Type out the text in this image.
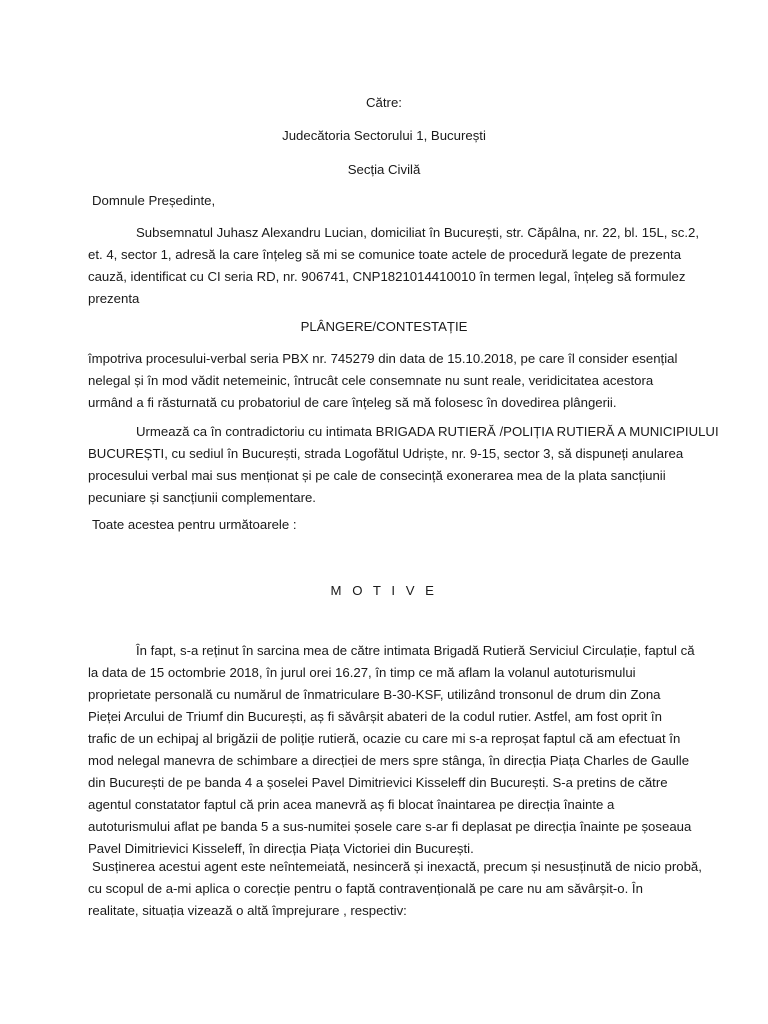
Către:
Judecătoria Sectorului 1, București
Secția Civilă
Domnule Președinte,
Subsemnatul Juhasz Alexandru Lucian, domiciliat în București, str. Căpâlna, nr. 22, bl. 15L, sc.2,
et. 4, sector 1, adresă la care înțeleg să mi se comunice toate actele de procedură legate de prezenta
cauză, identificat cu CI seria RD, nr. 906741, CNP1821014410010 în termen legal, înțeleg să formulez
prezenta
PLÂNGERE/CONTESTAȚIE
împotriva procesului-verbal seria PBX nr. 745279 din data de 15.10.2018, pe care îl consider esențial
nelegal și în mod vădit netemeinic, întrucât cele consemnate nu sunt reale, veridicitatea acestora
urmând a fi răsturnată cu probatoriul de care înțeleg să mă folosesc în dovedirea plângerii.
Urmează ca în contradictoriu cu intimata BRIGADA RUTIERĂ /POLIȚIA RUTIERĂ A MUNICIPIULUI
BUCUREȘTI, cu sediul în București, strada Logofătul Udriște, nr. 9-15, sector 3, să dispuneți anularea
procesului verbal mai sus menționat și pe cale de consecință exonerarea mea de la plata sancțiunii
pecuniare și sancțiunii complementare.
Toate acestea pentru următoarele :
M O T I V E
În fapt, s-a reținut în sarcina mea de către intimata Brigadă Rutieră Serviciul Circulație, faptul că
la data de 15 octombrie 2018, în jurul orei 16.27, în timp ce mă aflam la volanul autoturismului
proprietate personală cu numărul de înmatriculare B-30-KSF, utilizând tronsonul de drum din Zona
Pieței Arcului de Triumf din București, aș fi săvârșit abateri de la codul rutier. Astfel, am fost oprit în
trafic de un echipaj al brigăzii de poliție rutieră, ocazie cu care mi s-a reproșat faptul că am efectuat în
mod nelegal manevra de schimbare a direcției de mers spre stânga, în direcția Piața Charles de Gaulle
din București de pe banda 4 a șoselei Pavel Dimitrievici Kisseleff din București. S-a pretins de către
agentul constatator faptul că prin acea manevră aș fi blocat înaintarea pe direcția înainte a
autoturismului aflat pe banda 5 a sus-numitei șosele care s-ar fi deplasat pe direcția înainte pe șoseaua
Pavel Dimitrievici Kisseleff, în direcția Piața Victoriei din București.
Susținerea acestui agent este neîntemeiată, nesinceră și inexactă, precum și nesusținută de nicio probă,
cu scopul de a-mi aplica o corecție pentru o faptă contravențională pe care nu am săvârșit-o. În
realitate, situația vizează o altă împrejurare , respectiv:
